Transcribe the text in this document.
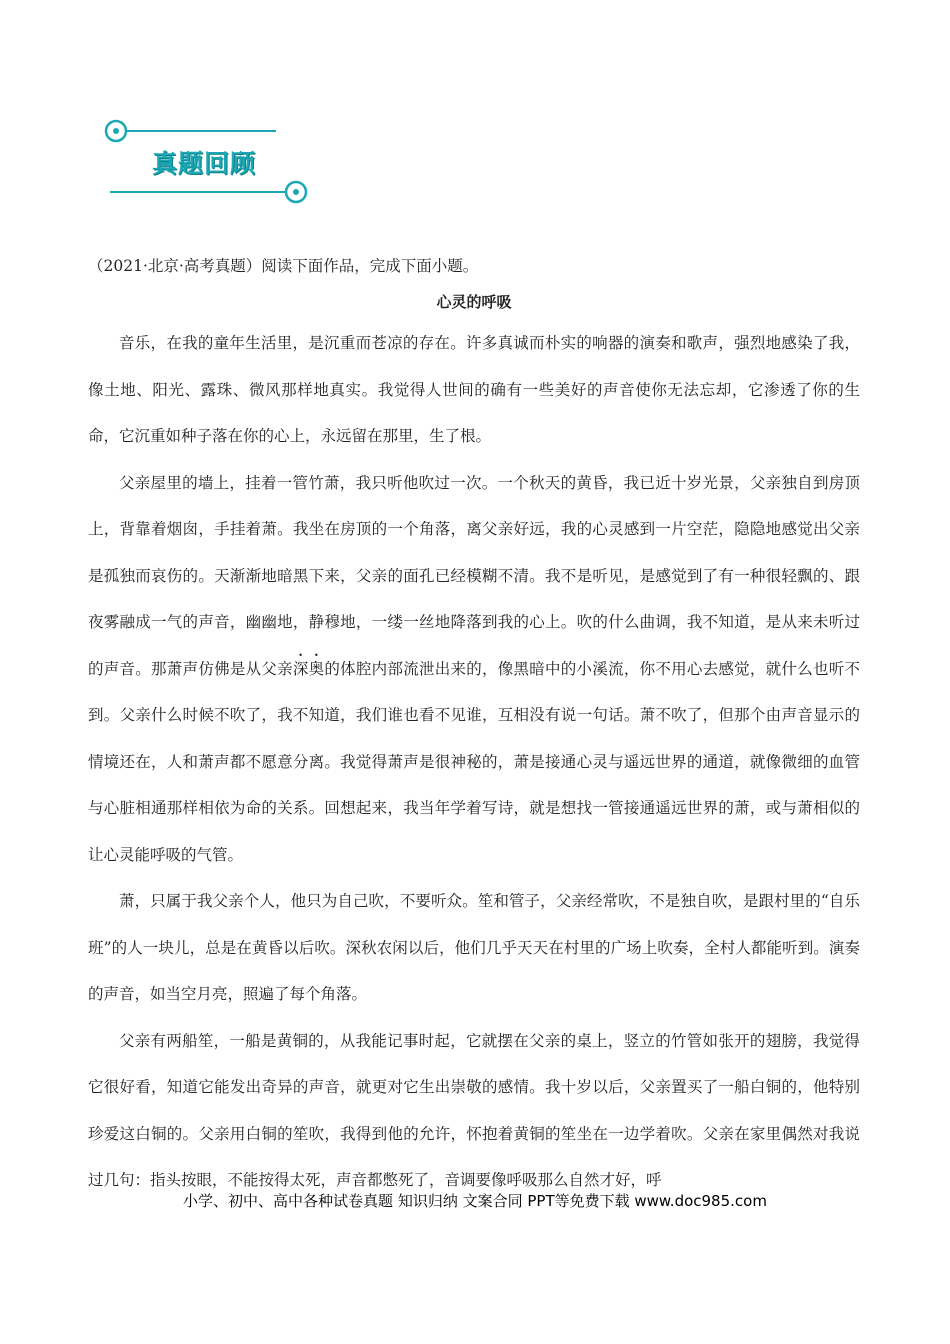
真题回顾

（2021·北京·高考真题）阅读下面作品，完成下面小题。

心灵的呼吸

音乐，在我的童年生活里，是沉重而苍凉的存在。许多真诚而朴实的响器的演奏和歌声，强烈地感染了我，像土地、阳光、露珠、微风那样地真实。我觉得人世间的确有一些美好的声音使你无法忘却，它渗透了你的生命，它沉重如种子落在你的心上，永远留在那里，生了根。

父亲屋里的墙上，挂着一管竹萧，我只听他吹过一次。一个秋天的黄昏，我已近十岁光景，父亲独自到房顶上，背靠着烟囱，手挂着萧。我坐在房顶的一个角落，离父亲好远，我的心灵感到一片空茫，隐隐地感觉出父亲是孤独而哀伤的。天渐渐地暗黑下来，父亲的面孔已经模糊不清。我不是听见，是感觉到了有一种很轻飘的、跟夜雾融成一气的声音，幽幽地，静穆地，一缕一丝地降落到我的心上。吹的什么曲调，我不知道，是从来未听过的声音。那萧声仿佛是从父亲深奥的体腔内部流泄出来的，像黑暗中的小溪流，你不用心去感觉，就什么也听不到。父亲什么时候不吹了，我不知道，我们谁也看不见谁，互相没有说一句话。萧不吹了，但那个由声音显示的情境还在，人和萧声都不愿意分离。我觉得萧声是很神秘的，萧是接通心灵与遥远世界的通道，就像微细的血管与心脏相通那样相依为命的关系。回想起来，我当年学着写诗，就是想找一管接通遥远世界的萧，或与萧相似的让心灵能呼吸的气管。

萧，只属于我父亲个人，他只为自己吹，不要听众。笙和管子，父亲经常吹，不是独自吹，是跟村里的“自乐班”的人一块儿，总是在黄昏以后吹。深秋农闲以后，他们几乎天天在村里的广场上吹奏，全村人都能听到。演奏的声音，如当空月亮，照遍了每个角落。

父亲有两船笙，一船是黄铜的，从我能记事时起，它就摆在父亲的桌上，竖立的竹管如张开的翅膀，我觉得它很好看，知道它能发出奇异的声音，就更对它生出崇敬的感情。我十岁以后，父亲置买了一船白铜的，他特别珍爱这白铜的。父亲用白铜的笙吹，我得到他的允许，怀抱着黄铜的笙坐在一边学着吹。父亲在家里偶然对我说过几句：指头按眼，不能按得太死，声音都憋死了，音调要像呼吸那么自然才好，呼

小学、初中、高中各种试卷真题 知识归纳 文案合同 PPT等免费下载 www.doc985.com
